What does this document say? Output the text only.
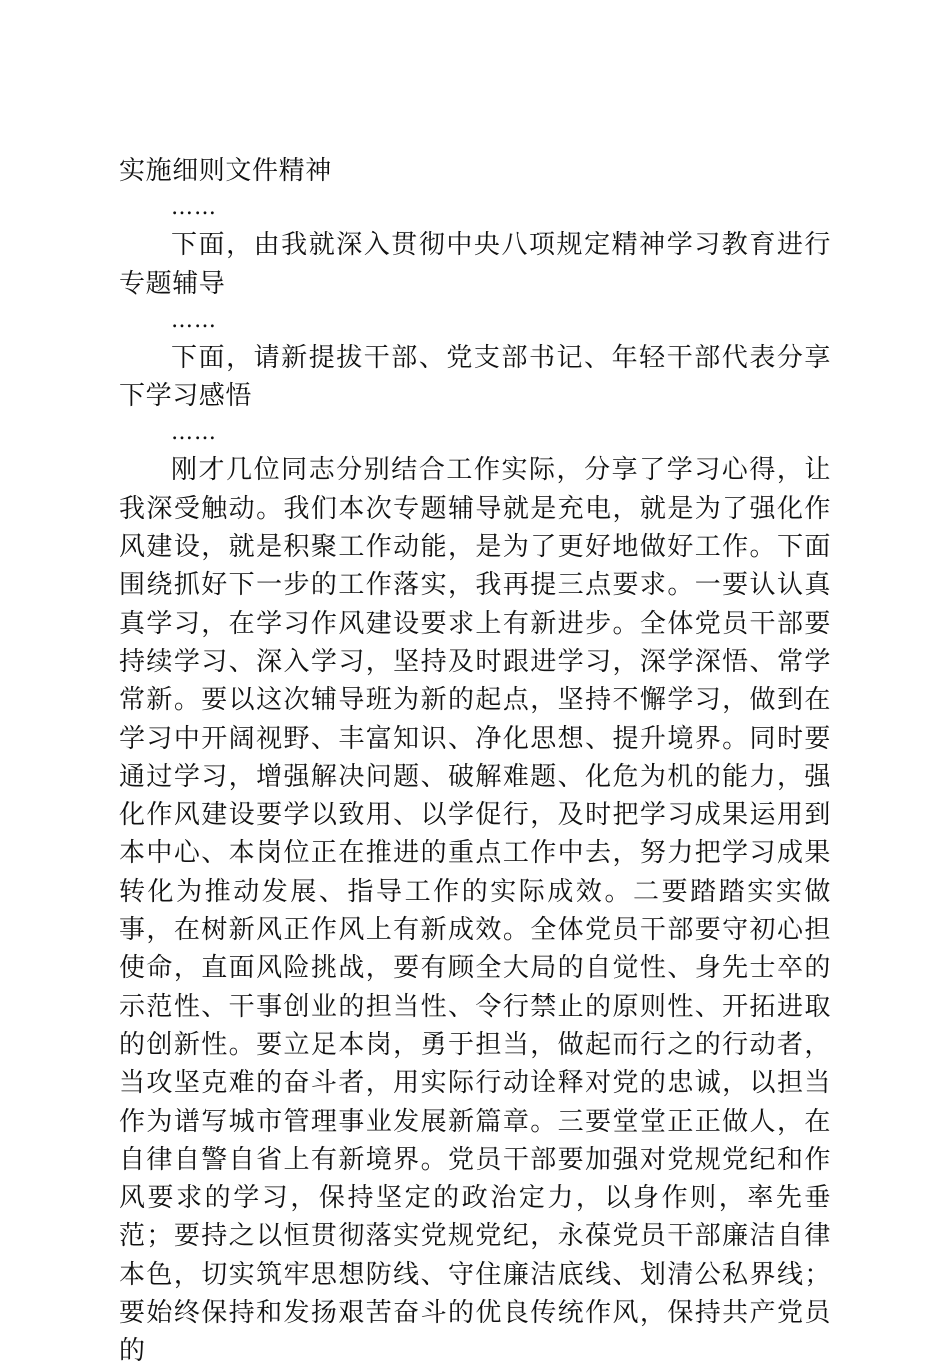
实施细则文件精神

……

下面，由我就深入贯彻中央八项规定精神学习教育进行专题辅导

……

下面，请新提拔干部、党支部书记、年轻干部代表分享下学习感悟

……

刚才几位同志分别结合工作实际，分享了学习心得，让我深受触动。我们本次专题辅导就是充电，就是为了强化作风建设，就是积聚工作动能，是为了更好地做好工作。下面围绕抓好下一步的工作落实，我再提三点要求。一要认认真真学习，在学习作风建设要求上有新进步。全体党员干部要持续学习、深入学习，坚持及时跟进学习，深学深悟、常学常新。要以这次辅导班为新的起点，坚持不懈学习，做到在学习中开阔视野、丰富知识、净化思想、提升境界。同时要通过学习，增强解决问题、破解难题、化危为机的能力，强化作风建设要学以致用、以学促行，及时把学习成果运用到本中心、本岗位正在推进的重点工作中去，努力把学习成果转化为推动发展、指导工作的实际成效。二要踏踏实实做事，在树新风正作风上有新成效。全体党员干部要守初心担使命，直面风险挑战，要有顾全大局的自觉性、身先士卒的示范性、干事创业的担当性、令行禁止的原则性、开拓进取的创新性。要立足本岗，勇于担当，做起而行之的行动者，当攻坚克难的奋斗者，用实际行动诠释对党的忠诚，以担当作为谱写城市管理事业发展新篇章。三要堂堂正正做人，在自律自警自省上有新境界。党员干部要加强对党规党纪和作风要求的学习，保持坚定的政治定力，以身作则，率先垂范；要持之以恒贯彻落实党规党纪，永葆党员干部廉洁自律本色，切实筑牢思想防线、守住廉洁底线、划清公私界线；要始终保持和发扬艰苦奋斗的优良传统作风，保持共产党员的
